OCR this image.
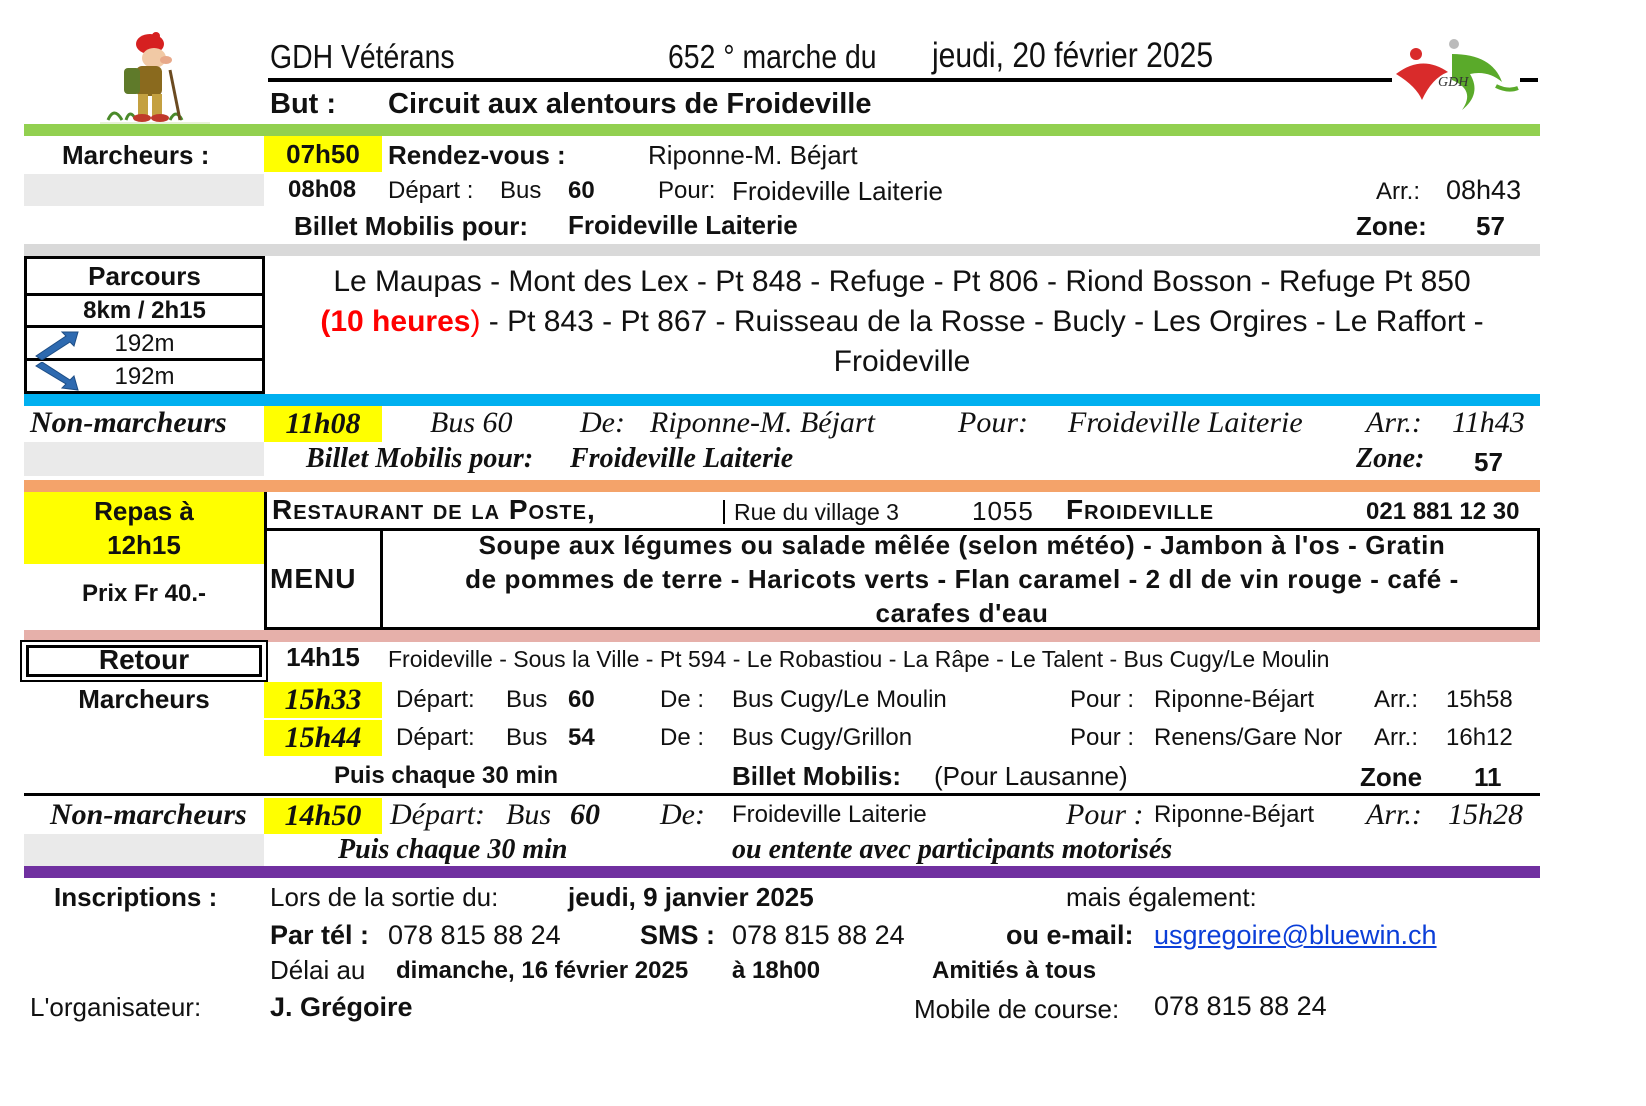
GDH Vétérans	652 ° marche du	jeudi, 20 février 2025
But : Circuit aux alentours de Froideville
GDH
Marcheurs :	07h50	Rendez-vous :	Riponne-M. Béjart
08h08 Départ : Bus 60	Pour: Froideville Laiterie	Arr.: 08h43
Billet Mobilis pour: Froideville Laiterie	Zone: 57
Parcours
8km / 2h15
192m
192m
Le Maupas - Mont des Lex - Pt 848 - Refuge - Pt 806 - Riond Bosson - Refuge Pt 850
(10 heures) - Pt 843 - Pt 867 - Ruisseau de la Rosse - Bucly - Les Orgires - Le Raffort -
Froideville
Non-marcheurs	11h08	Bus 60 De: Riponne-M. Béjart	Pour: Froideville Laiterie Arr.: 11h43
Billet Mobilis pour: Froideville Laiterie	Zone: 57
Repas à
12h15
Prix Fr 40.-
Restaurant de la Poste,	Rue du village 3	1055 Froideville	021 881 12 30
MENU
Soupe aux légumes ou salade mêlée (selon météo) - Jambon à l'os - Gratin
de pommes de terre - Haricots verts - Flan caramel - 2 dl de vin rouge - café -
carafes d'eau
Retour
Marcheurs
14h15	Froideville - Sous la Ville - Pt 594 - Le Robastiou - La Râpe - Le Talent - Bus Cugy/Le Moulin
15h33	Départ: Bus 60	De : Bus Cugy/Le Moulin	Pour : Riponne-Béjart Arr.: 15h58
15h44	Départ: Bus 54	De : Bus Cugy/Grillon	Pour : Renens/Gare Nor	Arr.: 16h12
Puis chaque 30 min	Billet Mobilis: (Pour Lausanne)	Zone 11
Non-marcheurs	14h50 Départ: Bus 60 De: Froideville Laiterie	Pour : Riponne-Béjart Arr.: 15h28
Puis chaque 30 min	ou entente avec participants motorisés
Inscriptions : Lors de la sortie du:	jeudi, 9 janvier 2025	mais également:
Par tél : 078 815 88 24	SMS : 078 815 88 24	ou e-mail: usgregoire@bluewin.ch
Délai au dimanche, 16 février 2025 à 18h00	Amitiés à tous
L'organisateur:	J. Grégoire	Mobile de course: 078 815 88 24
